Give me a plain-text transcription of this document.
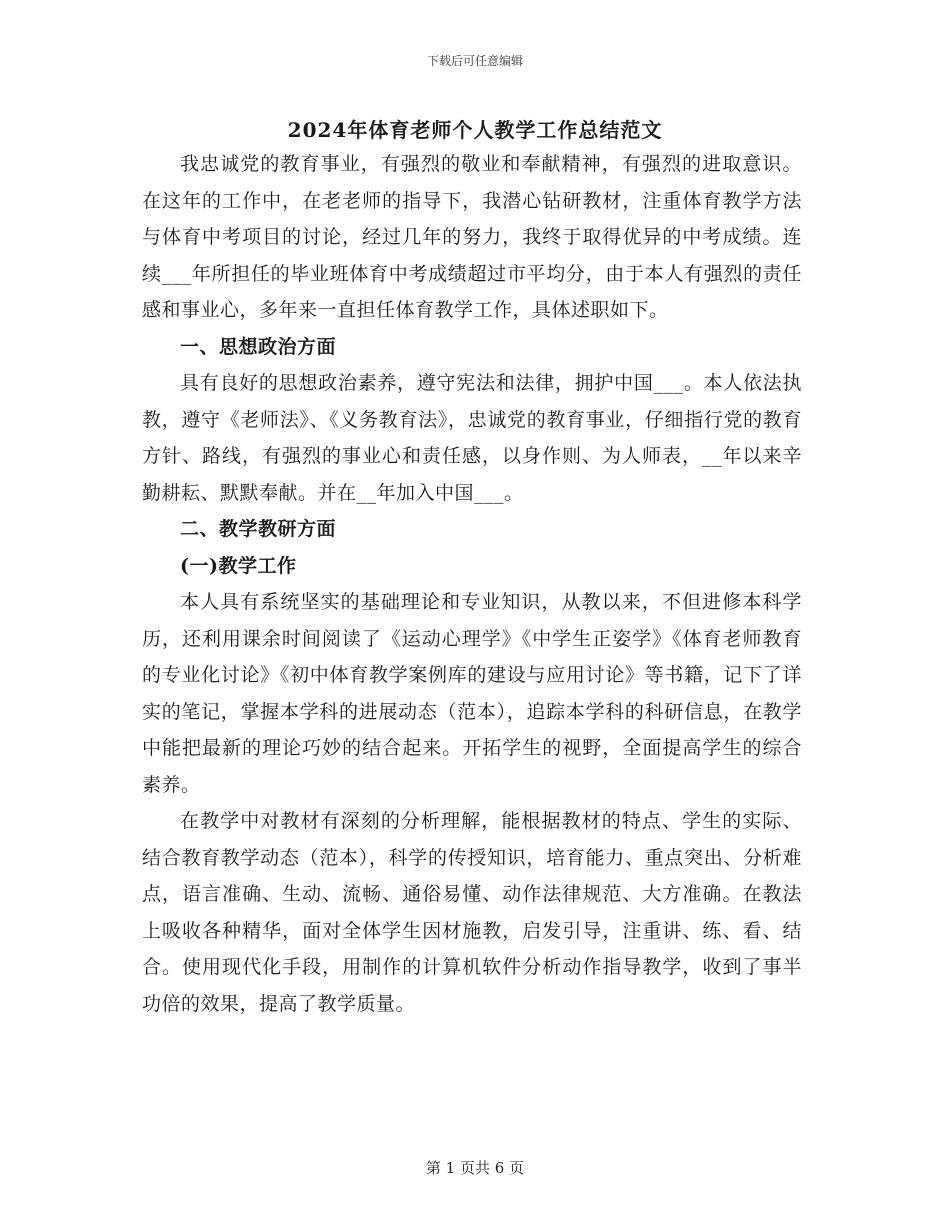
下载后可任意编辑
2024年体育老师个人教学工作总结范文

我忠诚党的教育事业，有强烈的敬业和奉献精神，有强烈的进取意识。在这年的工作中，在老老师的指导下，我潜心钻研教材，注重体育教学方法与体育中考项目的讨论，经过几年的努力，我终于取得优异的中考成绩。连续___年所担任的毕业班体育中考成绩超过市平均分，由于本人有强烈的责任感和事业心，多年来一直担任体育教学工作，具体述职如下。

一、思想政治方面

具有良好的思想政治素养，遵守宪法和法律，拥护中国___。本人依法执教，遵守《老师法》、《义务教育法》，忠诚党的教育事业，仔细指行党的教育方针、路线，有强烈的事业心和责任感，以身作则、为人师表，__年以来辛勤耕耘、默默奉献。并在__年加入中国___。

二、教学教研方面
(一)教学工作

本人具有系统坚实的基础理论和专业知识，从教以来，不但进修本科学历，还利用课余时间阅读了《运动心理学》《中学生正姿学》《体育老师教育的专业化讨论》《初中体育教学案例库的建设与应用讨论》等书籍，记下了详实的笔记，掌握本学科的进展动态（范本），追踪本学科的科研信息，在教学中能把最新的理论巧妙的结合起来。开拓学生的视野，全面提高学生的综合素养。

在教学中对教材有深刻的分析理解，能根据教材的特点、学生的实际、结合教育教学动态（范本），科学的传授知识，培育能力、重点突出、分析难点，语言准确、生动、流畅、通俗易懂、动作法律规范、大方准确。在教法上吸收各种精华，面对全体学生因材施教，启发引导，注重讲、练、看、结合。使用现代化手段，用制作的计算机软件分析动作指导教学，收到了事半功倍的效果，提高了教学质量。

第 1 页共 6 页
